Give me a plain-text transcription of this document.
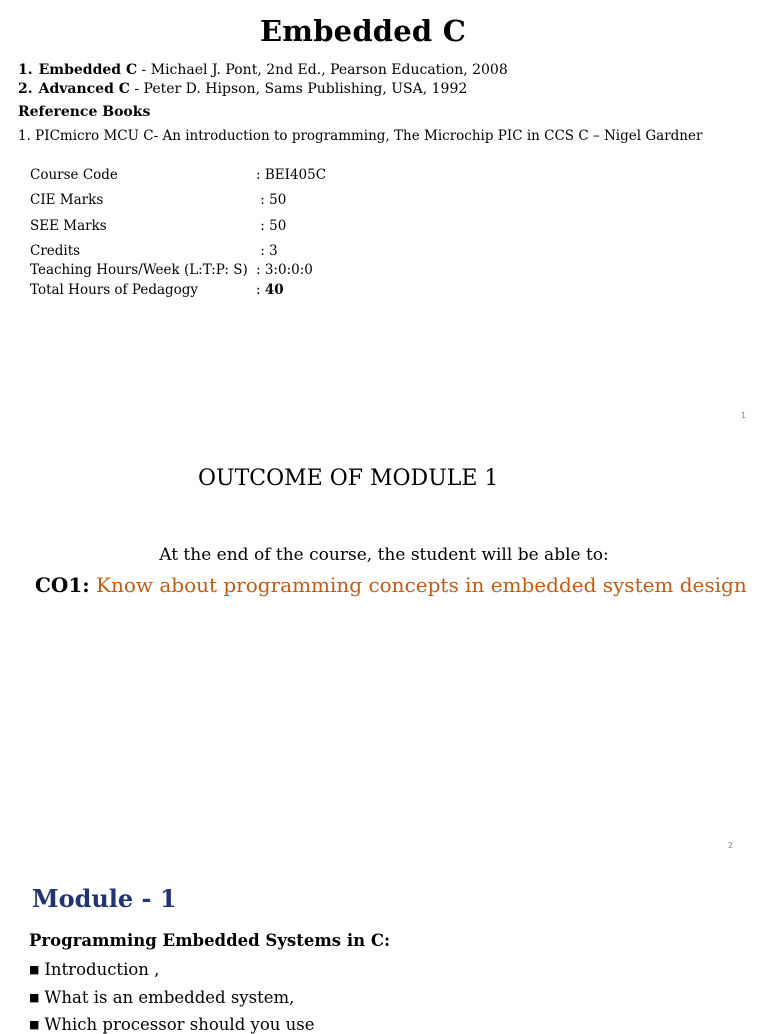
Embedded C
1. Embedded C - Michael J. Pont, 2nd Ed., Pearson Education, 2008
2. Advanced C - Peter D. Hipson, Sams Publishing, USA, 1992
Reference Books
1. PICmicro MCU C- An introduction to programming, The Microchip PIC in CCS C – Nigel Gardner
Course Code	: BEI405C
CIE Marks	: 50
SEE Marks	: 50
Credits	: 3
Teaching Hours/Week (L:T:P: S) : 3:0:0:0
Total Hours of Pedagogy	: 40
1
OUTCOME OF MODULE 1
At the end of the course, the student will be able to:
CO1: Know about programming concepts in embedded system design
2
Module - 1
Programming Embedded Systems in C:
■ Introduction ,
■ What is an embedded system,
■ Which processor should you use
